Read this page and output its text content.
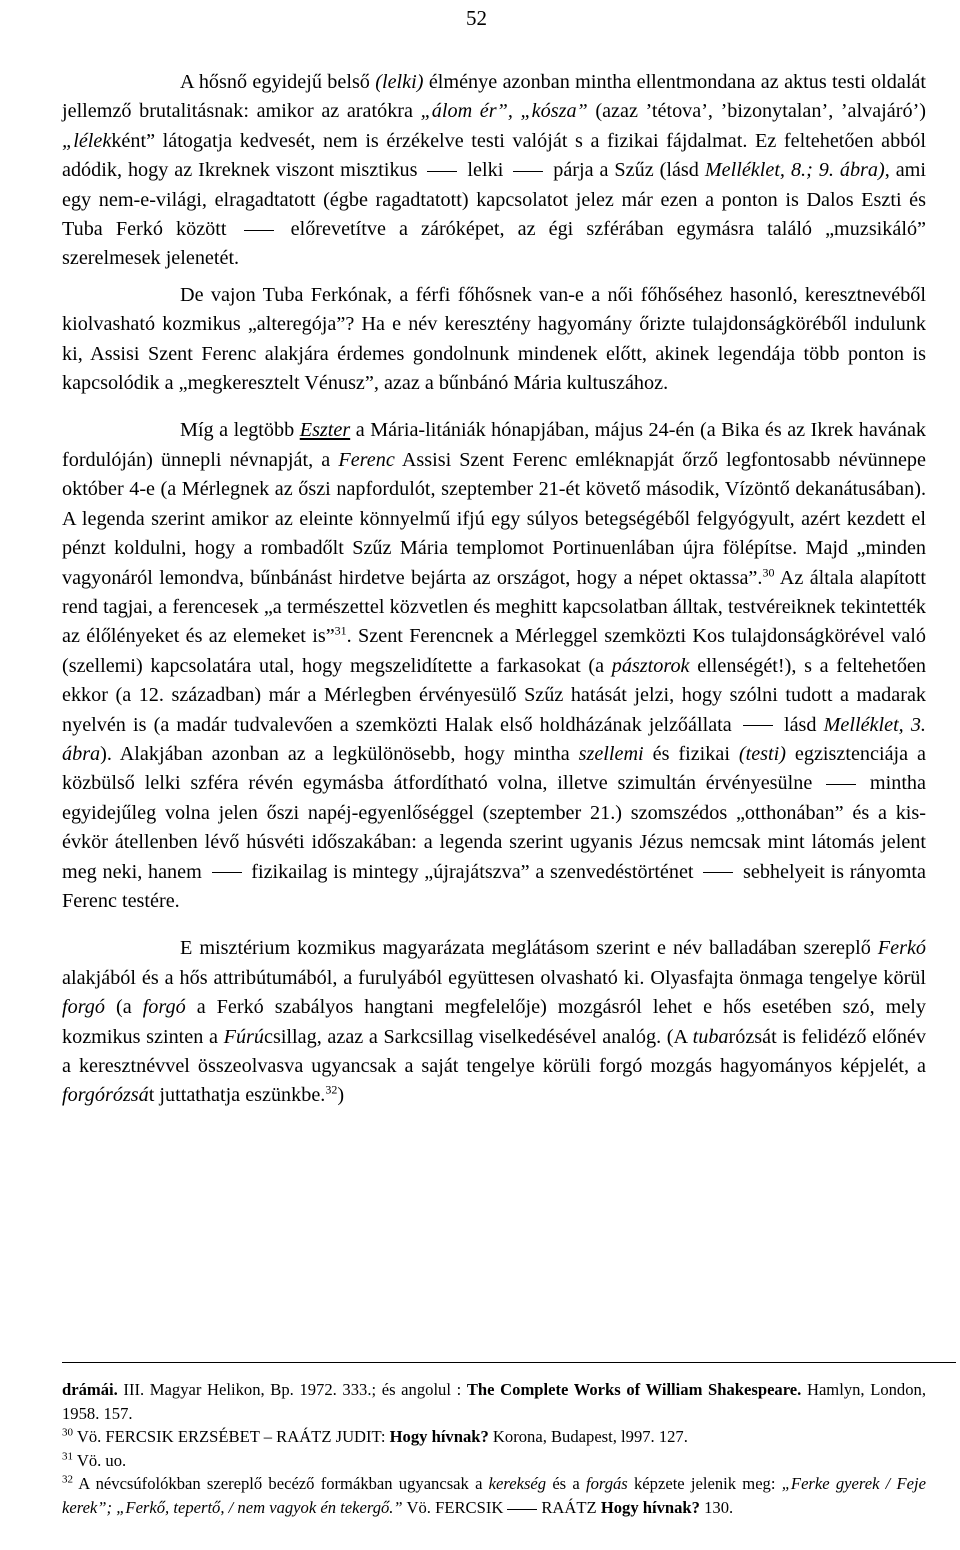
52

A hősnő egyidejű belső (lelki) élménye azonban mintha ellentmondana az aktus testi oldalát jellemző brutalitásnak: amikor az aratókra „álom ér”, „kósza” (azaz ’tétova’, ’bizonytalan’, ’alvajáró’) „lélekként” látogatja kedvesét, nem is érzékelve testi valóját s a fizikai fájdalmat. Ez feltehetően abból adódik, hogy az Ikreknek viszont misztikus  lelki  párja a Szűz (lásd Melléklet, 8.; 9. ábra), ami egy nem-e-világi, elragadtatott (égbe ragadtatott) kapcsolatot jelez már ezen a ponton is Dalos Eszti és Tuba Ferkó között  előrevetítve a záróképet, az égi szférában egymásra találó „muzsikáló” szerelmesek jelenetét.

De vajon Tuba Ferkónak, a férfi főhősnek van-e a női főhőséhez hasonló, keresztnevéből kiolvasható kozmikus „alteregója”? Ha e név keresztény hagyomány őrizte tulajdonságköréből indulunk ki, Assisi Szent Ferenc alakjára érdemes gondolnunk mindenek előtt, akinek legendája több ponton is kapcsolódik a „megkeresztelt Vénusz”, azaz a bűnbánó Mária kultuszához.

Míg a legtöbb Eszter a Mária-litániák hónapjában, május 24-én (a Bika és az Ikrek havának fordulóján) ünnepli névnapját, a Ferenc Assisi Szent Ferenc emléknapját őrző legfontosabb névünnepe október 4-e (a Mérlegnek az őszi napfordulót, szeptember 21-ét követő második, Vízöntő dekanátusában). A legenda szerint amikor az eleinte könnyelmű ifjú egy súlyos betegségéből felgyógyult, azért kezdett el pénzt koldulni, hogy a rombadőlt Szűz Mária templomot Portinuenlában újra fölépítse. Majd „minden vagyonáról lemondva, bűnbánást hirdetve bejárta az országot, hogy a népet oktassa”.$^{30}$ Az általa alapított rend tagjai, a ferencesek „a természettel közvetlen és meghitt kapcsolatban álltak, testvéreiknek tekintették az élőlényeket és az elemeket is”$^{31}$. Szent Ferencnek a Mérleggel szemközti Kos tulajdonságkörével való (szellemi) kapcsolatára utal, hogy megszelidítette a farkasokat (a pásztorok ellenségét!), s a feltehetően ekkor (a 12. században) már a Mérlegben érvényesülő Szűz hatását jelzi, hogy szólni tudott a madarak nyelvén is (a madár tudvalevően a szemközti Halak első holdházának jelzőállata  lásd Melléklet, 3. ábra). Alakjában azonban az a legkülönösebb, hogy mintha szellemi és fizikai (testi) egzisztenciája a közbülső lelki szféra révén egymásba átfordítható volna, illetve szimultán érvényesülne  mintha egyidejűleg volna jelen őszi napéj-egyenlőséggel (szeptember 21.) szomszédos „otthonában” és a kis-évkör átellenben lévő húsvéti időszakában: a legenda szerint ugyanis Jézus nemcsak mint látomás jelent meg neki, hanem  fizikailag is mintegy „újrajátszva” a szenvedéstörténet  sebhelyeit is rányomta Ferenc testére.

E misztérium kozmikus magyarázata meglátásom szerint e név balladában szereplő Ferkó alakjából és a hős attribútumából, a furulyából együttesen olvasható ki. Olyasfajta önmaga tengelye körül forgó (a forgó a Ferkó szabályos hangtani megfelelője) mozgásról lehet e hős esetében szó, mely kozmikus szinten a Fúrúcsillag, azaz a Sarkcsillag viselkedésével analóg. (A tubarózsát is felidéző előnév a keresztnévvel összeolvasva ugyancsak a saját tengelye körüli forgó mozgás hagyományos képjelét, a forgórózsát juttathatja eszünkbe.$^{32}$)

drámái. III. Magyar Helikon, Bp. 1972. 333.; és angolul : The Complete Works of William Shakespeare. Hamlyn, London, 1958. 157.

$^{30}$ Vö. FERCSIK ERZSÉBET – RAÁTZ JUDIT: Hogy hívnak? Korona, Budapest, l997. 127.

$^{31}$ Vö. uo.

$^{32}$ A névcsúfolókban szereplő becéző formákban ugyancsak a kerekség és a forgás képzete jelenik meg: „Ferke gyerek / Feje kerek”; „Ferkő, tepertő, / nem vagyok én tekergő.” Vö. FERCSIK RAÁTZ Hogy hívnak? 130.
